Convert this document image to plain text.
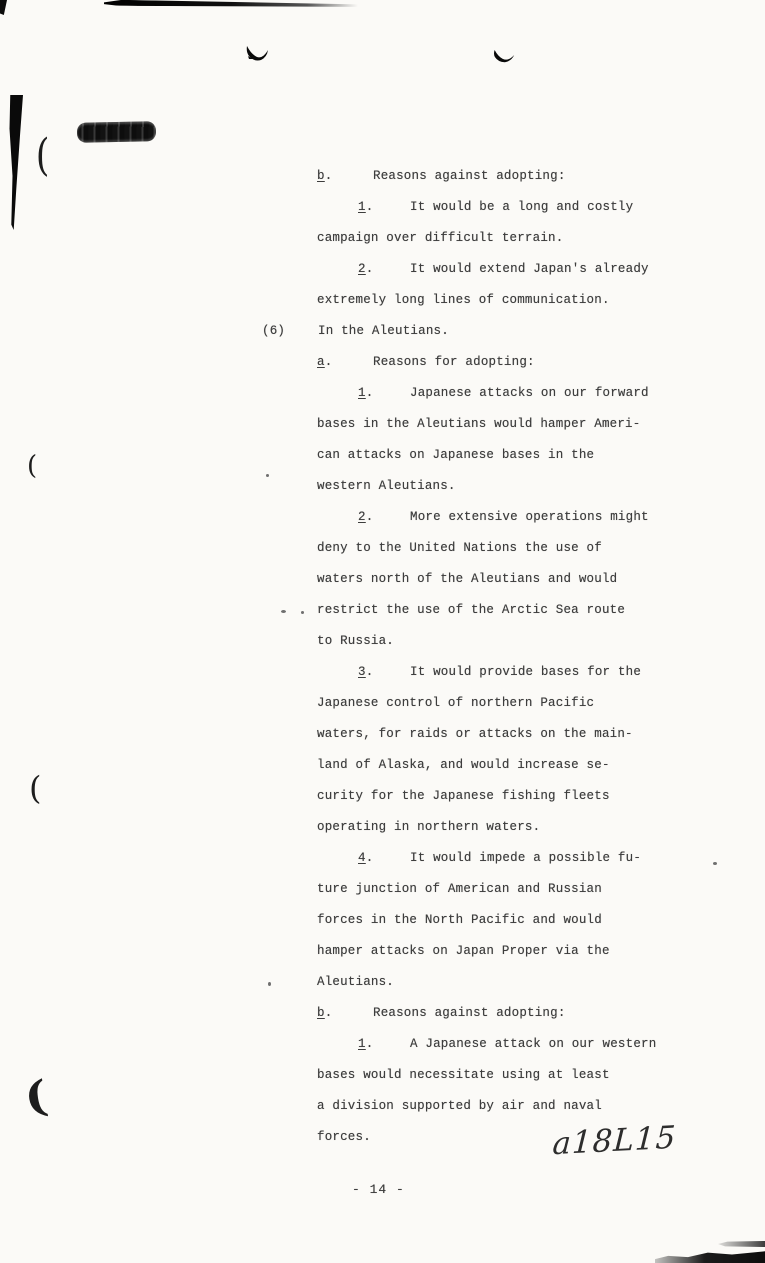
(
(
(
(
b.	Reasons against adopting:
1.	It would be a long and costly
campaign over difficult terrain.
2.	It would extend Japan's already
extremely long lines of communication.
(6)	In the Aleutians.
a.	Reasons for adopting:
1.	Japanese attacks on our forward
bases in the Aleutians would hamper Ameri-
can attacks on Japanese bases in the
western Aleutians.
2.	More extensive operations might
deny to the United Nations the use of
waters north of the Aleutians and would
restrict the use of the Arctic Sea route
to Russia.
3.	It would provide bases for the
Japanese control of northern Pacific
waters, for raids or attacks on the main-
land of Alaska, and would increase se-
curity for the Japanese fishing fleets
operating in northern waters.
4.	It would impede a possible fu-
ture junction of American and Russian
forces in the North Pacific and would
hamper attacks on Japan Proper via the
Aleutians.
b.	Reasons against adopting:
1.	A Japanese attack on our western
bases would necessitate using at least
a division supported by air and naval
forces.
- 14 -
a18L15
